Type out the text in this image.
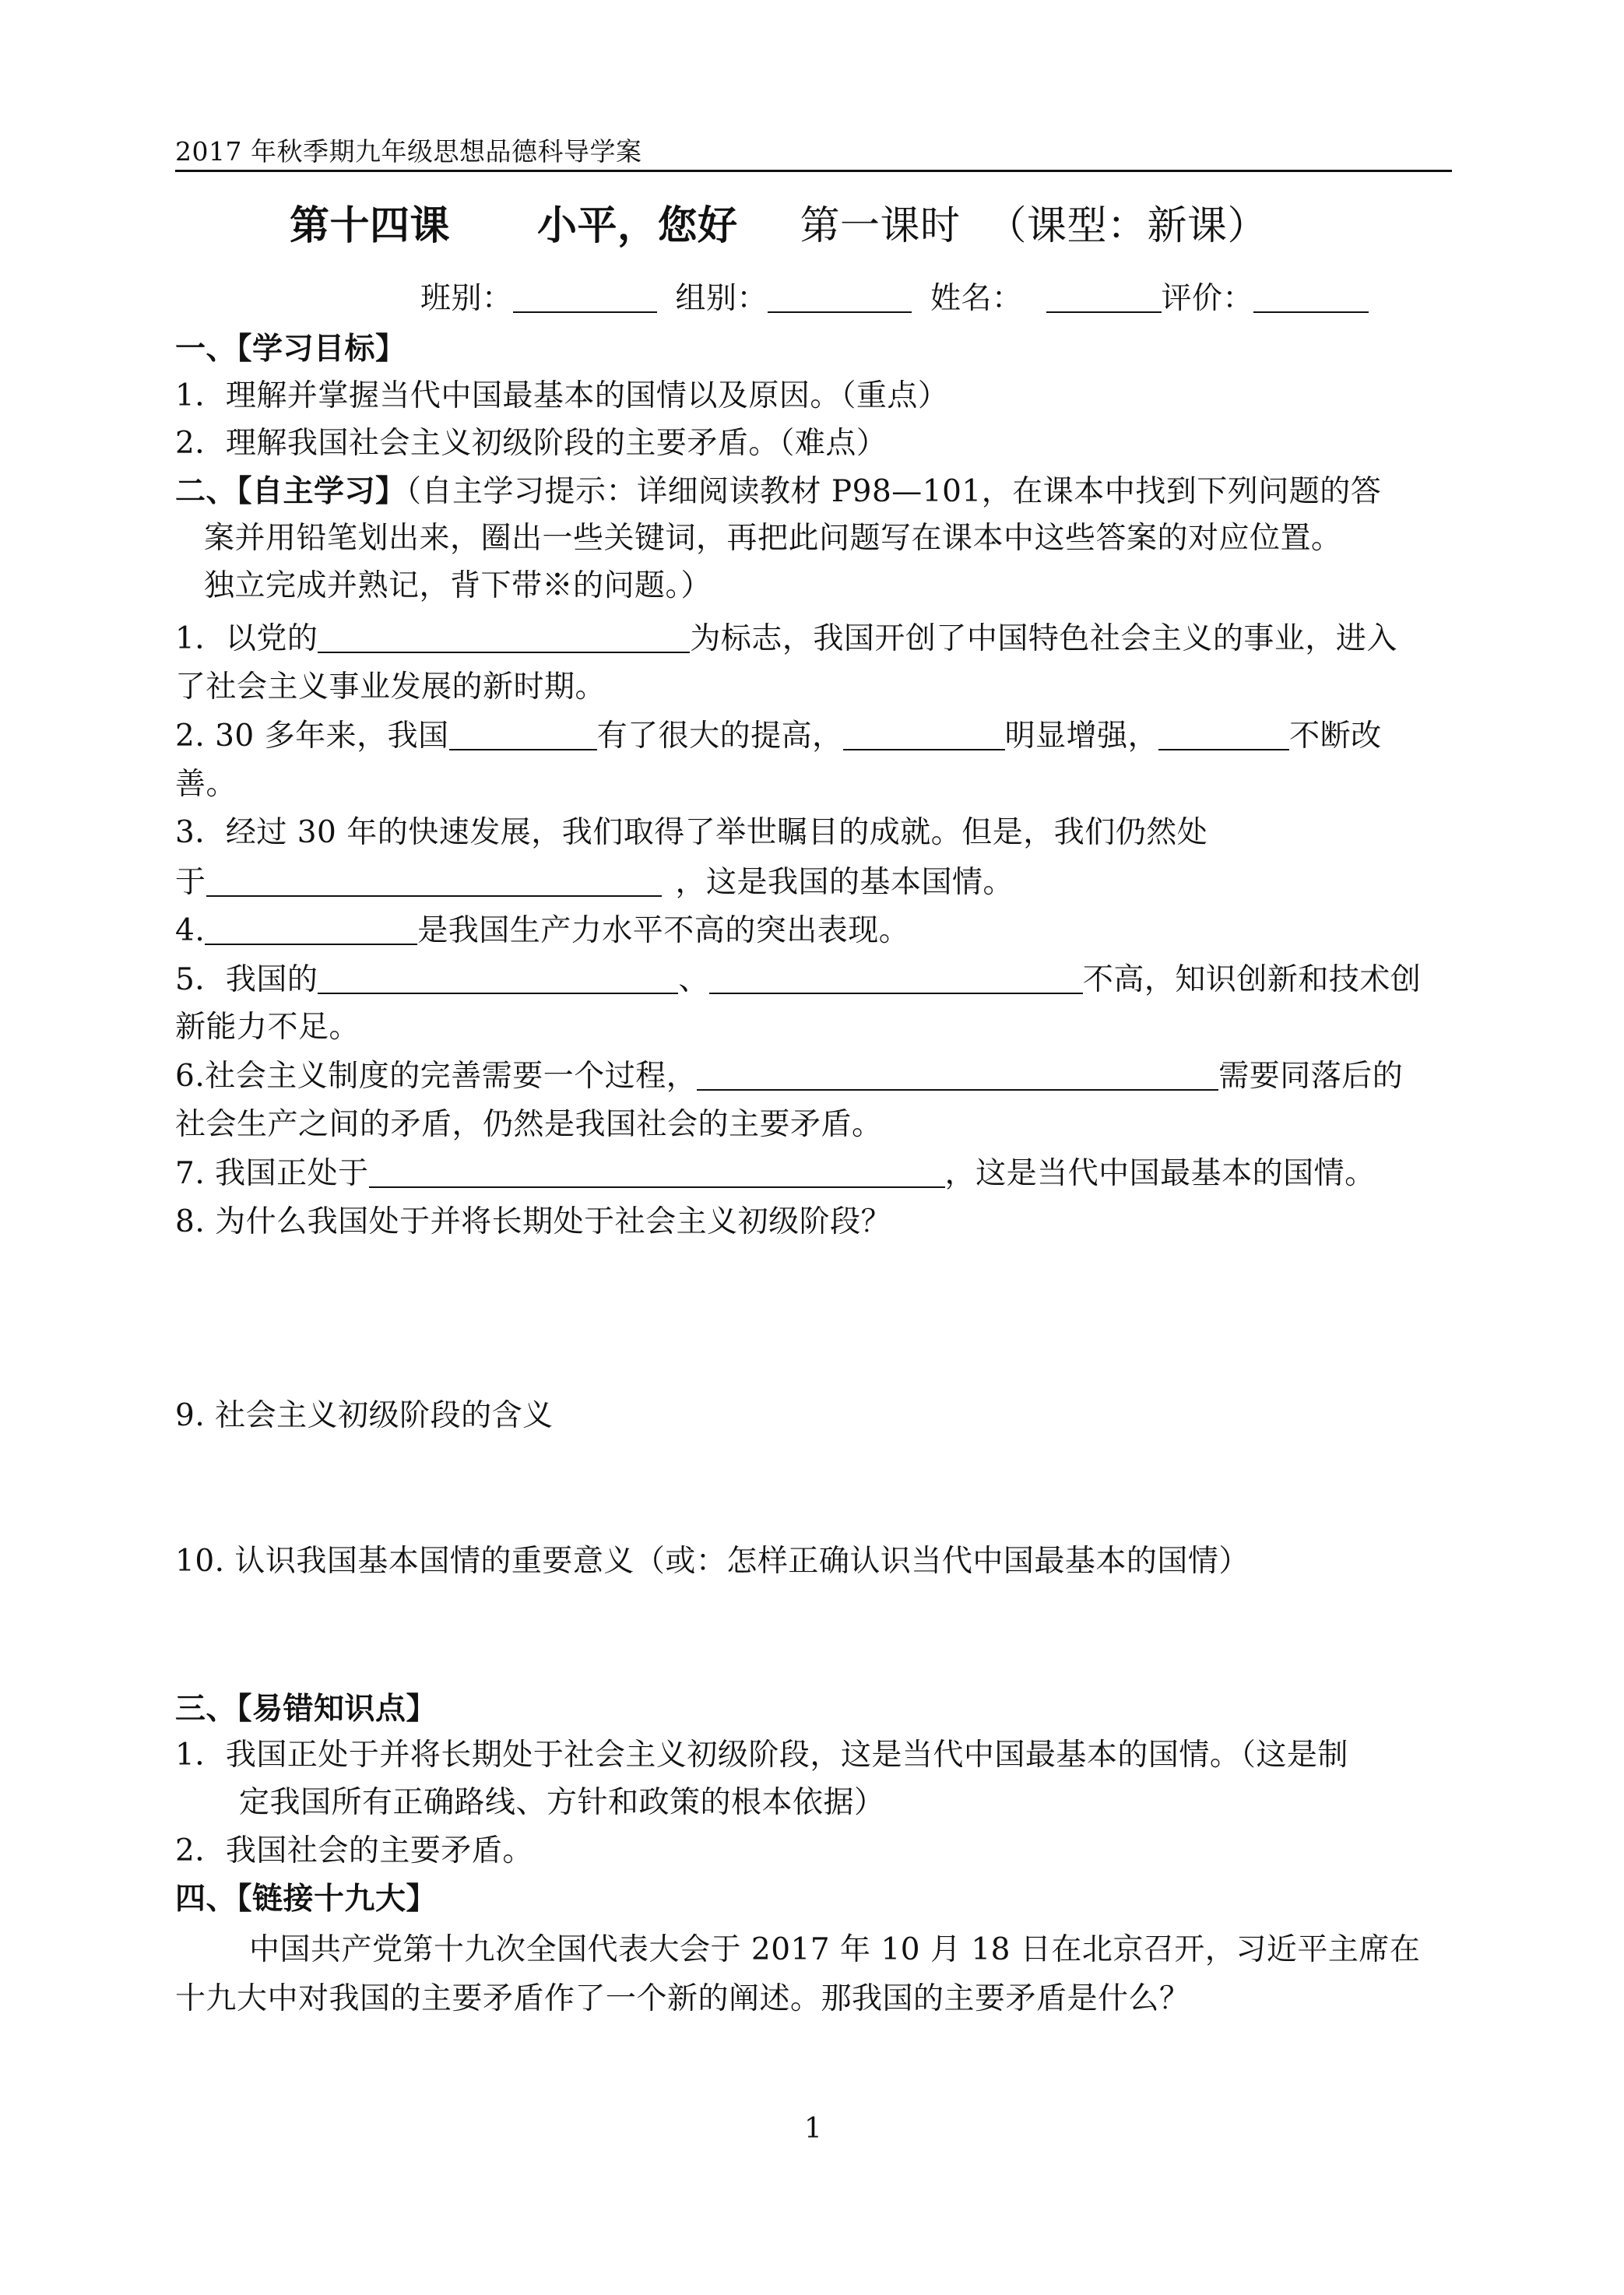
2017 年秋季期九年级思想品德科导学案
第十四课 小平，您好 第一课时 （课型：新课）
班别：	组别：	姓名：	评价：
一、【学习目标】
1．理解并掌握当代中国最基本的国情以及原因。（重点）
2．理解我国社会主义初级阶段的主要矛盾。（难点）
二、【自主学习】（自主学习提示：详细阅读教材 P98—101，在课本中找到下列问题的答
案并用铅笔划出来，圈出一些关键词，再把此问题写在课本中这些答案的对应位置。
独立完成并熟记，背下带※的问题。）
1．以党的	为标志，我国开创了中国特色社会主义的事业，进入
了社会主义事业发展的新时期。
2. 30 多年来，我国	有了很大的提高，	明显增强，	不断改
善。
3．经过 30 年的快速发展，我们取得了举世瞩目的成就。但是，我们仍然处
于	，这是我国的基本国情。
4.	是我国生产力水平不高的突出表现。
5．我国的	、	不高，知识创新和技术创
新能力不足。
6.社会主义制度的完善需要一个过程，	需要同落后的
社会生产之间的矛盾，仍然是我国社会的主要矛盾。
7. 我国正处于	，这是当代中国最基本的国情。
8. 为什么我国处于并将长期处于社会主义初级阶段？
9. 社会主义初级阶段的含义
10. 认识我国基本国情的重要意义（或：怎样正确认识当代中国最基本的国情）
三、【易错知识点】
1．我国正处于并将长期处于社会主义初级阶段，这是当代中国最基本的国情。（这是制
定我国所有正确路线、方针和政策的根本依据）
2．我国社会的主要矛盾。
四、【链接十九大】
中国共产党第十九次全国代表大会于 2017 年 10 月 18 日在北京召开，习近平主席在
十九大中对我国的主要矛盾作了一个新的阐述。那我国的主要矛盾是什么？
1
